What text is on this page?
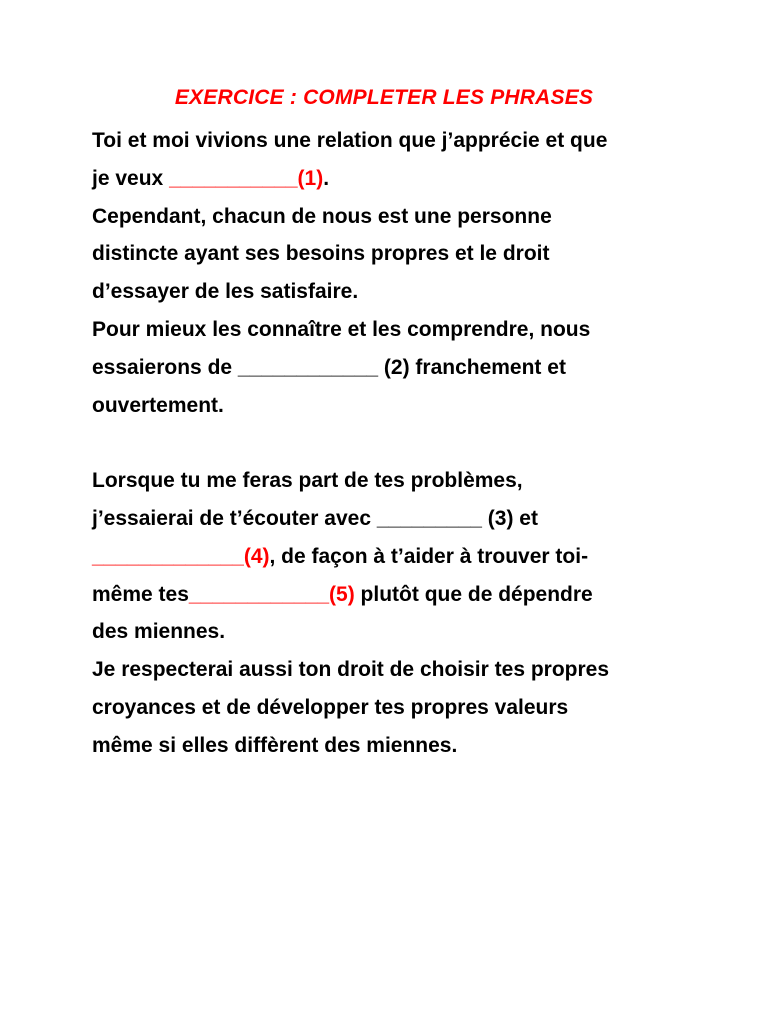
EXERCICE : COMPLETER LES PHRASES
Toi et moi vivions une relation que j’apprécie et que
je veux ___________(1).
Cependant, chacun de nous est une personne
distincte ayant ses besoins propres et le droit
d’essayer de les satisfaire.
Pour mieux les connaître et les comprendre, nous
essaierons de ____________ (2) franchement et
ouvertement.
Lorsque tu me feras part de tes problèmes,
j’essaierai de t’écouter avec _________ (3) et
_____________(4), de façon à t’aider à trouver toi-
même tes____________(5) plutôt que de dépendre
des miennes.
Je respecterai aussi ton droit de choisir tes propres
croyances et de développer tes propres valeurs
même si elles diffèrent des miennes.
